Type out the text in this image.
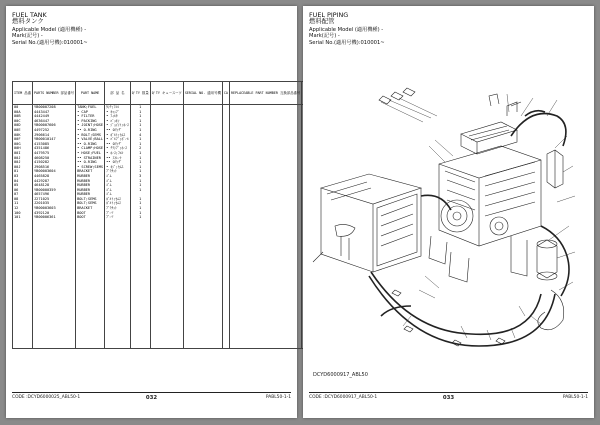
FUEL TANK
燃料タンク
Applicable Model (適用機種) -
Mark(記号) -
Serial No.(適用号機):010001~
ITEM 品番	PARTS NUMBER 部品番号	PART NAME	部 品 名	Q'TY 数量	Q'TY キュースーツ	SERIAL NO. 適用号機	CA	REPLACEABLE PART NUMBER 互換部品番号		
00	YB00007208	TANK;FUEL	ﾀﾝｸ;ﾌｴﾙ	1						
00A	4443447	• CAP	• ｷｬｯﾌﾟ	1						
00B	4442449	• FILTER	• ﾌｨﾙﾀ	1						
00C	4636447	• PACKING	• ﾊﾟｯｷﾝ	1						
00D	YB00007606	• JOINT;HOSE	• ｼﾞｮｲﾝﾄ;ﾎｰｽ	1						
00E	4497252	•• O-RING	•• Oﾘﾝｸﾞ	1						
00K	J906614	• BOLT;SEMS	• ﾎﾞﾙﾄ;ｾﾑｽ	4						
00F	YB00010147	• VALVE;BALL	• ﾊﾞﾙﾌﾞ;ﾎﾞｰﾙ	1						
00G	4153085	•• O-RING	•• Oﾘﾝｸﾞ	1						
00H	4351486	• CLAMP;HOSE	• ｸﾗﾝﾌﾟ;ﾎｰｽ	2						
00I	4479575	• HOSE;FUEL	• ﾎｰｽ;ﾌｴﾙ	1						
00J	4608250	•• STRAINER	•• ｽﾄﾚｰﾅ	1						
00J	4150282	•• O-RING	•• Oﾘﾝｸﾞ	1						
00J	J908516	• SCREW;SEMS	• ﾈｼﾞ;ｾﾑｽ	1						
01	YB00003604	BRACKET	ﾌﾞﾗｹｯﾄ	1						
03	4465828	RUBBER	ｺﾞﾑ	3						
04	4429287	RUBBER	ｺﾞﾑ	1						
05	4648128	RUBBER	ｺﾞﾑ	1						
06	YB00000359	RUBBER	ｺﾞﾑ	1						
07	4657496	RUBBER	ｺﾞﾑ							
08	J271025	BOLT;SEMS	ﾎﾞﾙﾄ;ｾﾑｽ	1						
11	J201035	BOLT;SEMS	ﾎﾞﾙﾄ;ｾﾑｽ	1						
12	YB00003603	BRACKET	ﾌﾞﾗｹｯﾄ	1						
100	4392120	BOOT	ﾌﾞｰﾂ	1						
101	YB00006361	BOOT	ﾌﾞｰﾂ	1						

CODE :DCYD6000025_ABL50-1	032	PABL50-1-1
FUEL PIPING
燃料配管
Applicable Model (適用機種) -
Mark(記号) -
Serial No.(適用号機):010001~
DCYD6000917_ABL50
CODE :DCYD6000917_ABL50-1	033	PABL50-1-1
